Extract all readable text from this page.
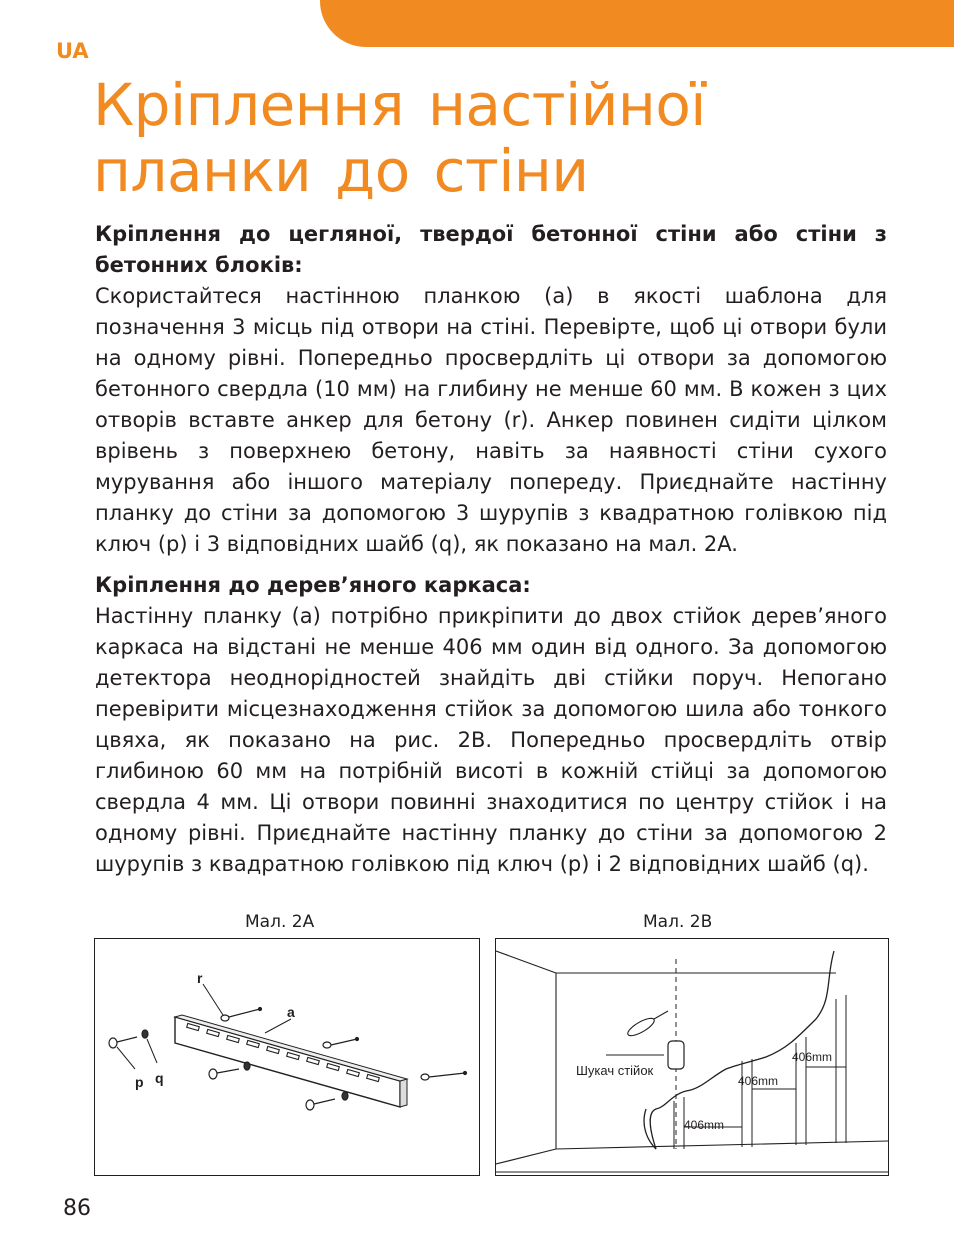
UA
Кріплення настійної планки до стіни

Кріплення до цегляної, твердої бетонної стіни або стіни з бетонних блоків:

Скористайтеся настінною планкою (a) в якості шаблона для позначення 3 місць під отвори на стіні. Перевірте, щоб ці отвори були на одному рівні. Попередньо просвердліть ці отвори за допомогою бетонного свердла (10 мм) на глибину не менше 60 мм. В кожен з цих отворів вставте анкер для бетону (r). Анкер повинен сидіти цілком врівень з поверхнею бетону, навіть за наявності стіни сухого мурування або іншого матеріалу попереду. Приєднайте настінну планку до стіни за допомогою 3 шурупів з квадратною голівкою під ключ (p) і 3 відповідних шайб (q), як показано на мал. 2A.

Кріплення до дерев’яного каркаса:

Настінну планку (a) потрібно прикріпити до двох стійок дерев’яного каркаса на відстані не менше 406 мм один від одного. За допомогою детектора неоднорідностей знайдіть дві стійки поруч. Непогано перевірити місцезнаходження стійок за допомогою шила або тонкого цвяха, як показано на рис. 2B. Попередньо просвердліть отвір глибиною 60 мм на потрібній висоті в кожній стійці за допомогою свердла 4 мм. Ці отвори повинні знаходитися по центру стійок і на одному рівні. Приєднайте настінну планку до стіни за допомогою 2 шурупів з квадратною голівкою під ключ (p) і 2 відповідних шайб (q).

Мал. 2A
r
a
p q
Мал. 2B
Шукач стійок
406mm
406mm
406mm
86
